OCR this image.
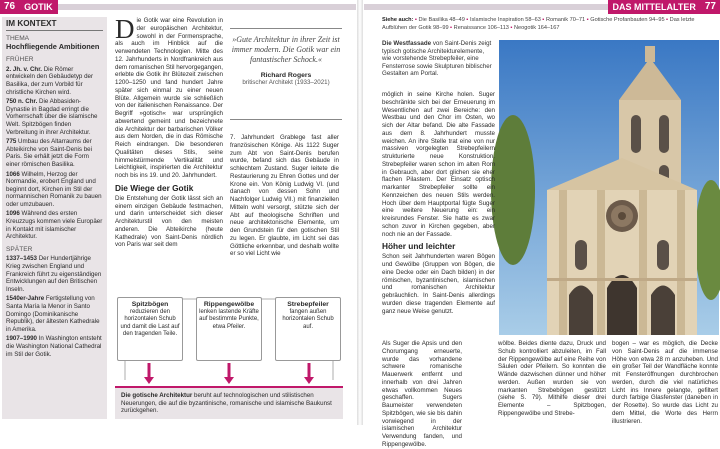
76	GOTIK	DAS MITTELALTER 77
IM KONTEXT
THEMA
Hochfliegende Ambitionen
FRÜHER
2. Jh. v. Chr. Die Römer entwickeln den Gebäudetyp der Basilika, der zum Vorbild für christliche Kirchen wird.
750 n. Chr. Die Abbasiden-Dynastie in Bagdad erringt die Vorherrschaft über die islamische Welt. Spitzbögen finden Verbreitung in ihrer Architektur.
775 Umbau des Altarraums der Abteikirche von Saint-Denis bei Paris. Sie erhält jetzt die Form einer römischen Basilika.
1066 Wilhelm, Herzog der Normandie, erobert England und beginnt dort, Kirchen im Stil der normannischen Romanik zu bauen oder umzubauen.
1096 Während des ersten Kreuzzugs kommen viele Europäer in Kontakt mit islamischer Architektur.
SPÄTER
1337–1453 Der Hundertjährige Krieg zwischen England und Frankreich führt zu eigenständigen Entwicklungen auf den Britischen Inseln.
1540er-Jahre Fertigstellung von Santa María la Menor in Santo Domingo (Dominikanische Republik), der ältesten Kathedrale in Amerika.
1907–1990 In Washington entsteht die Washington National Cathedral im Stil der Gotik.
Die Gotik war eine Revolution in der europäischen Architektur, sowohl in der Formensprache, als auch im Hinblick auf die verwendeten Technologien. Mitte des 12. Jahrhunderts in Nordfrankreich aus dem romanischen Stil hervorgegangen, erlebte die Gotik ihr Blütezeit zwischen 1200–1250 und fand hundert Jahre später sich einmal zu einer neuen Blüte. Allgemein wurde sie schließlich von der italienischen Renaissance. Der Begriff »gotisch« war ursprünglich abwertend gemeint und bezeichnete die Architektur der barbarischen Völker aus dem Norden, die in das Römische Reich eindrangen. Die besonderen Qualitäten dieses Stils, seine himmelstürmende Vertikalität und Leichtigkeit, inspirierten die Architektur noch bis ins 19. und 20. Jahrhundert.
Die Wiege der Gotik
Die Entstehung der Gotik lässt sich an einem einzigen Gebäude festmachen, und darin unterscheidet sich dieser Architekturstil von den meisten anderen. Die Abteikirche (heute Kathedrale) von Saint-Denis nördlich von Paris war seit dem
»Gute Architektur in ihrer Zeit ist immer modern. Die Gotik war ein fantastischer Schock.«
Richard Rogers
britischer Architekt (1933–2021)
7. Jahrhundert Grablege fast aller französischen Könige. Als 1122 Suger zum Abt von Saint-Denis berufen wurde, befand sich das Gebäude in schlechtem Zustand. Suger leitete die Restaurierung zu Ehren Gottes und der Krone ein. Von König Ludwig VI. (und danach von dessen Sohn und Nachfolger Ludwig VII.) mit finanziellen Mitteln wohl versorgt, stützte sich der Abt auf theologische Schriften und neue architektonische Elemente, um den Grundstein für den gotischen Stil zu legen. Er glaubte, im Licht sei das Göttliche erkennbar, und deshalb wollte er so viel Licht wie
Spitzbögen
reduzieren den horizontalen Schub und damit die Last auf den tragenden Teile.
Rippengewölbe
lenken lastende Kräfte auf bestimmte Punkte, etwa Pfeiler.
Strebepfeiler
fangen außen horizontalen Schub auf.
Die gotische Architektur beruht auf technologischen und stilistischen Neuerungen, die auf die byzantinische, romanische und islamische Baukunst zurückgehen.
Siehe auch: ▪ Die Basilika 48–49 ▪ Islamische Inspiration 58–63 ▪ Romanik 70–71 ▪ Gotische Profanbauten 94–95 ▪ Das letzte Aufblühen der Gotik 98–99 ▪ Renaissance 106–113 ▪ Neogotik 164–167
Die Westfassade von Saint-Denis zeigt typisch gotische Architekturelemente, wie vorstehende Strebepfeiler, eine Fensterrose sowie Skulpturen biblischer Gestalten am Portal.
möglich in seine Kirche holen. Suger beschränkte sich bei der Erneuerung im Wesentlichen auf zwei Bereiche: den Westbau und den Chor im Osten, wo sich der Altar befand. Die alte Fassade aus dem 8. Jahrhundert musste weichen. An ihre Stelle trat eine von nur massiven vorgelegten Strebepfeilern strukturierte neue Konstruktion. Strebepfeiler waren schon im alten Rom in Gebrauch, aber dort glichen sie eher flachen Pilastern. Der Einsatz optisch markanter Strebepfeiler sollte ein Kennzeichen des neuen Stils werden. Hoch über dem Hauptportal fügte Suger eine weitere Neuerung ein: ein kreisrundes Fenster. Sie hatte es zwar schon zuvor in Kirchen gegeben, aber noch nie an der Fassade.
Höher und leichter
Schon seit Jahrhunderten waren Bögen und Gewölbe (Gruppen von Bögen, die eine Decke oder ein Dach bilden) in der römischen, byzantinischen, islamischen und romanischen Architektur gebräuchlich. In Saint-Denis allerdings wurden diese tragenden Elemente auf ganz neue Weise genutzt.
Als Suger die Apsis und den Chorumgang erneuerte, wurde das vorhandene schwere romanische Mauerwerk entfernt und innerhalb von drei Jahren etwas vollkommen Neues geschaffen. Sugers Baumeister verwendeten Spitzbögen, wie sie bis dahin vorwiegend in der islamischen Architektur Verwendung fanden, und Rippengewölbe.
wölbe. Beides diente dazu, Druck und Schub kontrolliert abzuleiten, im Fall der Rippengewölbe auf eine Reihe von Säulen oder Pfeilern. So konnten die Wände dazwischen dünner und höher werden. Außen wurden sie von markanten Strebebögen gestützt (siehe S. 79). Mithilfe dieser drei Elemente – Spitzbogen, Rippengewölbe und Strebe-
bogen – war es möglich, die Decke von Saint-Denis auf die immense Höhe von etwa 28 m anzuheben. Und ein großer Teil der Wandfläche konnte mit Fensteröffnungen durchbrochen werden, durch die viel natürliches Licht ins Innere gelangte, gefiltert durch farbige Glasfenster (daneben in der Rosette). So wurde das Licht zu dem Mittel, die Worte des Herrn illustrieren.
